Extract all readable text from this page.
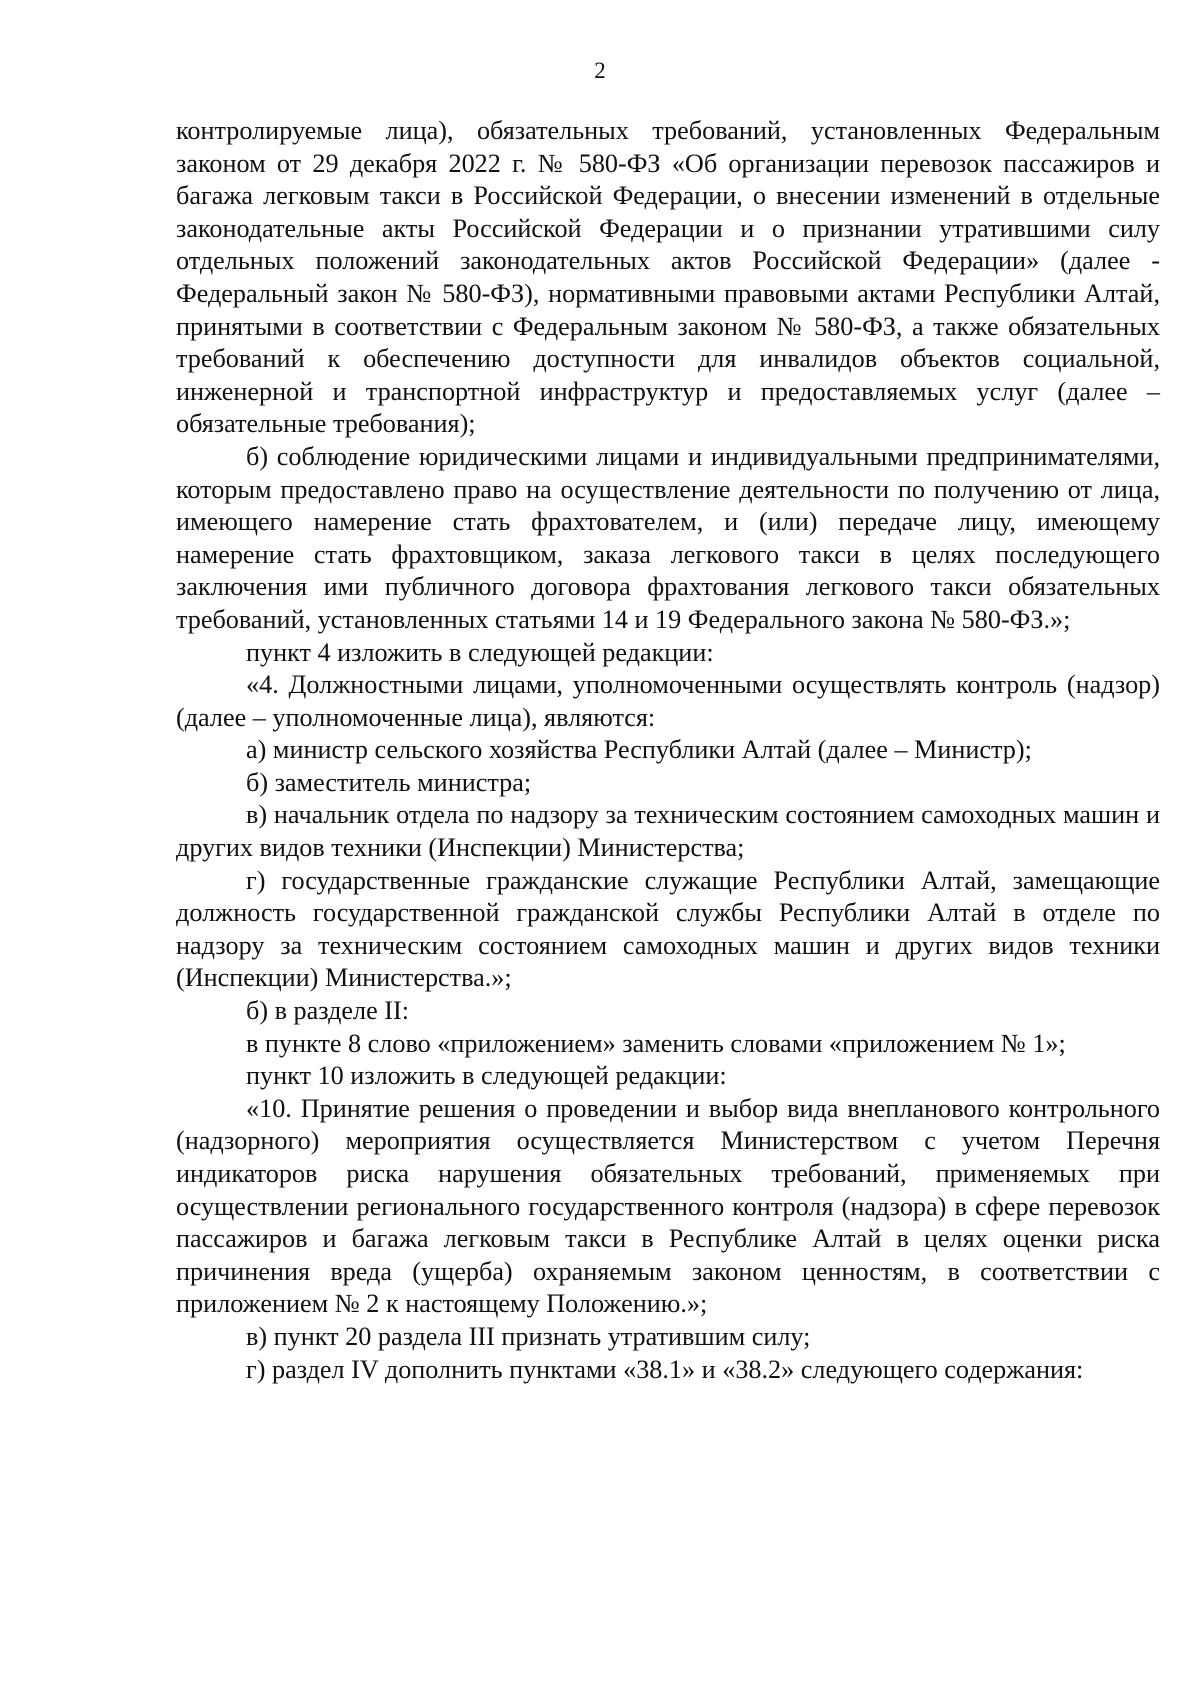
2

контролируемые лица), обязательных требований, установленных Федеральным законом от 29 декабря 2022 г. № 580-ФЗ «Об организации перевозок пассажиров и багажа легковым такси в Российской Федерации, о внесении изменений в отдельные законодательные акты Российской Федерации и о признании утратившими силу отдельных положений законодательных актов Российской Федерации» (далее - Федеральный закон № 580-ФЗ), нормативными правовыми актами Республики Алтай, принятыми в соответствии с Федеральным законом № 580-ФЗ, а также обязательных требований к обеспечению доступности для инвалидов объектов социальной, инженерной и транспортной инфраструктур и предоставляемых услуг (далее – обязательные требования);

б) соблюдение юридическими лицами и индивидуальными предпринимателями, которым предоставлено право на осуществление деятельности по получению от лица, имеющего намерение стать фрахтователем, и (или) передаче лицу, имеющему намерение стать фрахтовщиком, заказа легкового такси в целях последующего заключения ими публичного договора фрахтования легкового такси обязательных требований, установленных статьями 14 и 19 Федерального закона № 580-ФЗ.»;

пункт 4 изложить в следующей редакции:

«4. Должностными лицами, уполномоченными осуществлять контроль (надзор) (далее – уполномоченные лица), являются:

а) министр сельского хозяйства Республики Алтай (далее – Министр);

б) заместитель министра;

в) начальник отдела по надзору за техническим состоянием самоходных машин и других видов техники (Инспекции) Министерства;

г) государственные гражданские служащие Республики Алтай, замещающие должность государственной гражданской службы Республики Алтай в отделе по надзору за техническим состоянием самоходных машин и других видов техники (Инспекции) Министерства.»;

б) в разделе II:

в пункте 8 слово «приложением» заменить словами «приложением № 1»;

пункт 10 изложить в следующей редакции:

«10. Принятие решения о проведении и выбор вида внепланового контрольного (надзорного) мероприятия осуществляется Министерством с учетом Перечня индикаторов риска нарушения обязательных требований, применяемых при осуществлении регионального государственного контроля (надзора) в сфере перевозок пассажиров и багажа легковым такси в Республике Алтай в целях оценки риска причинения вреда (ущерба) охраняемым законом ценностям, в соответствии с приложением № 2 к настоящему Положению.»;

в) пункт 20 раздела III признать утратившим силу;

г) раздел IV дополнить пунктами «38.1» и «38.2» следующего содержания:
